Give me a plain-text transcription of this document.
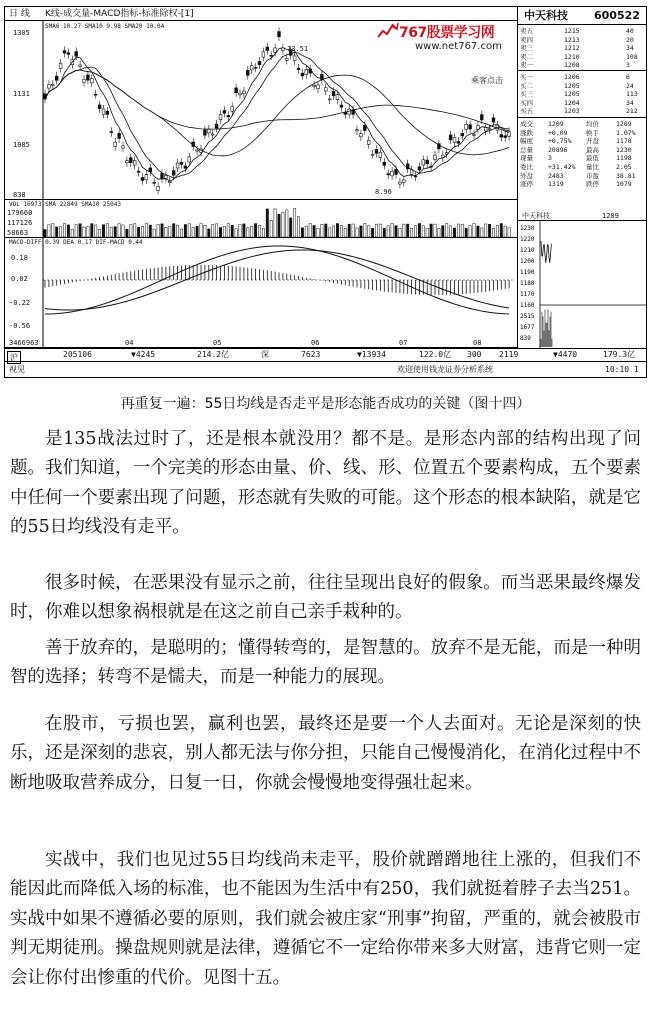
日 线 K线-成交量-MACD指标-标准除权-[1]	中天科技 600522
SMA6 10.27 SMA10 9.98 SMA20 10.04
1305
1131
1085
838
13.51
8.96
VOL 16973 SMA 22849 SMA10 25043
179660
117126
58663
MACD-DIFF 0.39 DEA 0.17 DIF-MACD 0.44
0.18
0.02
-0.22
-0.56
3466963	04	05	06	07	08
767股票学习网
www.net767.com
乘客点击
中天科技	1209
1230
1220
1210
1200
1190
1180
1170
1160
2515
1677
839
卖五	1215	40
卖四	1213	20
卖三	1212	34
卖二	1210	108
卖一	1208	3
买一	1206	6
买二	1205	24
买三	1205	113
买四	1204	34
买五	1203	212
成交 1209	均价	1209
涨跌 +0.09	换手	1.07%
幅度 +0.75% 开盘	1178
总量 20896	最高	1230
现量 3	最低	1198
委比 +31.42% 量比	2.05
外盘 2483	市盈	38.81
涨停 1319	跌停	1079
沪	205106	▼4245	214.2亿	深	7623	▼13934	122.0亿 300 2119	▼4470	179.3亿
视见	欢迎使用钱龙证券分析系统	10:10 1
再重复一遍：55日均线是否走平是形态能否成功的关键（图十四）

是135战法过时了，还是根本就没用？都不是。是形态内部的结构出现了问题。我们知道，一个完美的形态由量、价、线、形、位置五个要素构成，五个要素中任何一个要素出现了问题，形态就有失败的可能。这个形态的根本缺陷，就是它的55日均线没有走平。

很多时候，在恶果没有显示之前，往往呈现出良好的假象。而当恶果最终爆发时，你难以想象祸根就是在这之前自己亲手栽种的。

善于放弃的，是聪明的；懂得转弯的，是智慧的。放弃不是无能，而是一种明智的选择；转弯不是懦夫，而是一种能力的展现。

在股市，亏损也罢，赢利也罢，最终还是要一个人去面对。无论是深刻的快乐，还是深刻的悲哀，别人都无法与你分担，只能自己慢慢消化，在消化过程中不断地吸取营养成分，日复一日，你就会慢慢地变得强壮起来。

实战中，我们也见过55日均线尚未走平，股价就蹭蹭地往上涨的，但我们不能因此而降低入场的标准，也不能因为生活中有250，我们就挺着脖子去当251。实战中如果不遵循必要的原则，我们就会被庄家“刑事”拘留，严重的，就会被股市判无期徒刑。操盘规则就是法律，遵循它不一定给你带来多大财富，违背它则一定会让你付出惨重的代价。见图十五。
